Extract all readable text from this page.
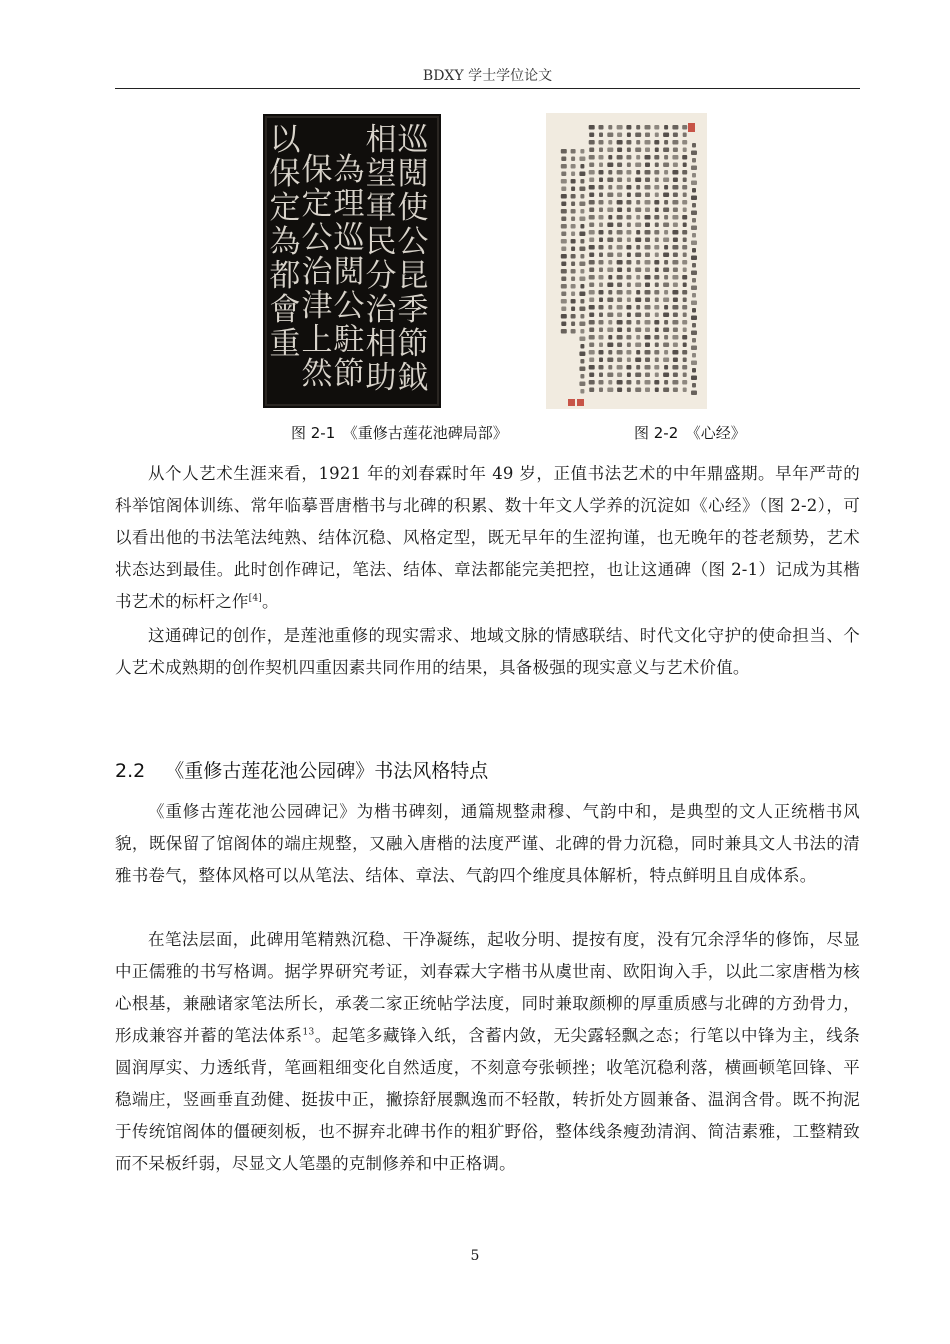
BDXY 学士学位论文
巡
閲
使
公
昆
季
節
鉞
相
望
軍
民
分
治
相
助
為
理
巡
閲
公
駐
節
保
定
公
治
津
上
然
以
保
定
為
都
會
重
图 2-1　《重修古莲花池碑局部》	图 2-2　《心经》

从个人艺术生涯来看，1921 年的刘春霖时年 49 岁，正值书法艺术的中年鼎盛期。早年严苛的科举馆阁体训练、常年临摹晋唐楷书与北碑的积累、数十年文人学养的沉淀如《心经》（图 2-2），可以看出他的书法笔法纯熟、结体沉稳、风格定型，既无早年的生涩拘谨，也无晚年的苍老颓势，艺术状态达到最佳。此时创作碑记，笔法、结体、章法都能完美把控，也让这通碑（图 2-1）记成为其楷书艺术的标杆之作[4]。

这通碑记的创作，是莲池重修的现实需求、地域文脉的情感联结、时代文化守护的使命担当、个人艺术成熟期的创作契机四重因素共同作用的结果，具备极强的现实意义与艺术价值。

2.2 《重修古莲花池公园碑》书法风格特点

《重修古莲花池公园碑记》为楷书碑刻，通篇规整肃穆、气韵中和，是典型的文人正统楷书风貌，既保留了馆阁体的端庄规整，又融入唐楷的法度严谨、北碑的骨力沉稳，同时兼具文人书法的清雅书卷气，整体风格可以从笔法、结体、章法、气韵四个维度具体解析，特点鲜明且自成体系。

在笔法层面，此碑用笔精熟沉稳、干净凝练，起收分明、提按有度，没有冗余浮华的修饰，尽显中正儒雅的书写格调。据学界研究考证，刘春霖大字楷书从虞世南、欧阳询入手，以此二家唐楷为核心根基，兼融诸家笔法所长，承袭二家正统帖学法度，同时兼取颜柳的厚重质感与北碑的方劲骨力，形成兼容并蓄的笔法体系$^{13}$。起笔多藏锋入纸，含蓄内敛，无尖露轻飘之态；行笔以中锋为主，线条圆润厚实、力透纸背，笔画粗细变化自然适度，不刻意夸张顿挫；收笔沉稳利落，横画顿笔回锋、平稳端庄，竖画垂直劲健、挺拔中正，撇捺舒展飘逸而不轻散，转折处方圆兼备、温润含骨。既不拘泥于传统馆阁体的僵硬刻板，也不摒弃北碑书作的粗犷野俗，整体线条瘦劲清润、简洁素雅，工整精致而不呆板纤弱，尽显文人笔墨的克制修养和中正格调。

5
